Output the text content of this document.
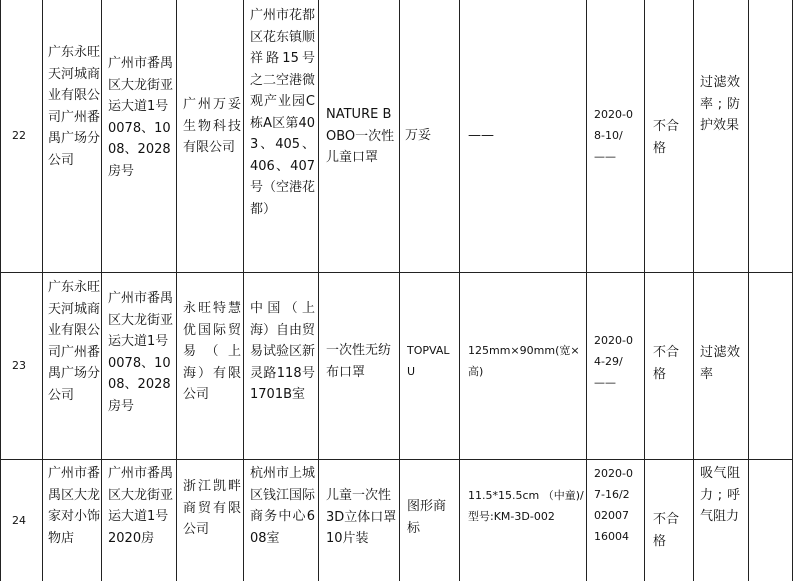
22
广东永旺天河城商业有限公司广州番禺广场分公司
广州市番禺区大龙街亚运大道1号0078、1008、2028房号
广州万妥生物科技有限公司
广州市花都区花东镇顺祥路15号之二空港微观产业园C栋A区第403、405、406、407号（空港花都）
NATURE BOBO一次性儿童口罩
万妥	——
2020-08-10/——
不合格
过滤效率;防护效果
23
广东永旺天河城商业有限公司广州番禺广场分公司
广州市番禺区大龙街亚运大道1号0078、1008、2028房号
永旺特慧优国际贸易（上海）有限公司
中国（上海）自由贸易试验区新灵路118号1701B室
一次性无纺布口罩
TOPVALU
125mm×90mm(宽×高)
2020-04-29/——
不合格
过滤效率
24
广州市番禺区大龙家对小饰物店
广州市番禺区大龙街亚运大道1号2020房
浙江凯畔商贸有限公司
杭州市上城区钱江国际商务中心608室
儿童一次性3D立体口罩10片装
图形商标
11.5*15.5cm （中童)/型号:KM-3D-002
2020-07-16/20200716004
不合格
吸气阻力;呼气阻力
